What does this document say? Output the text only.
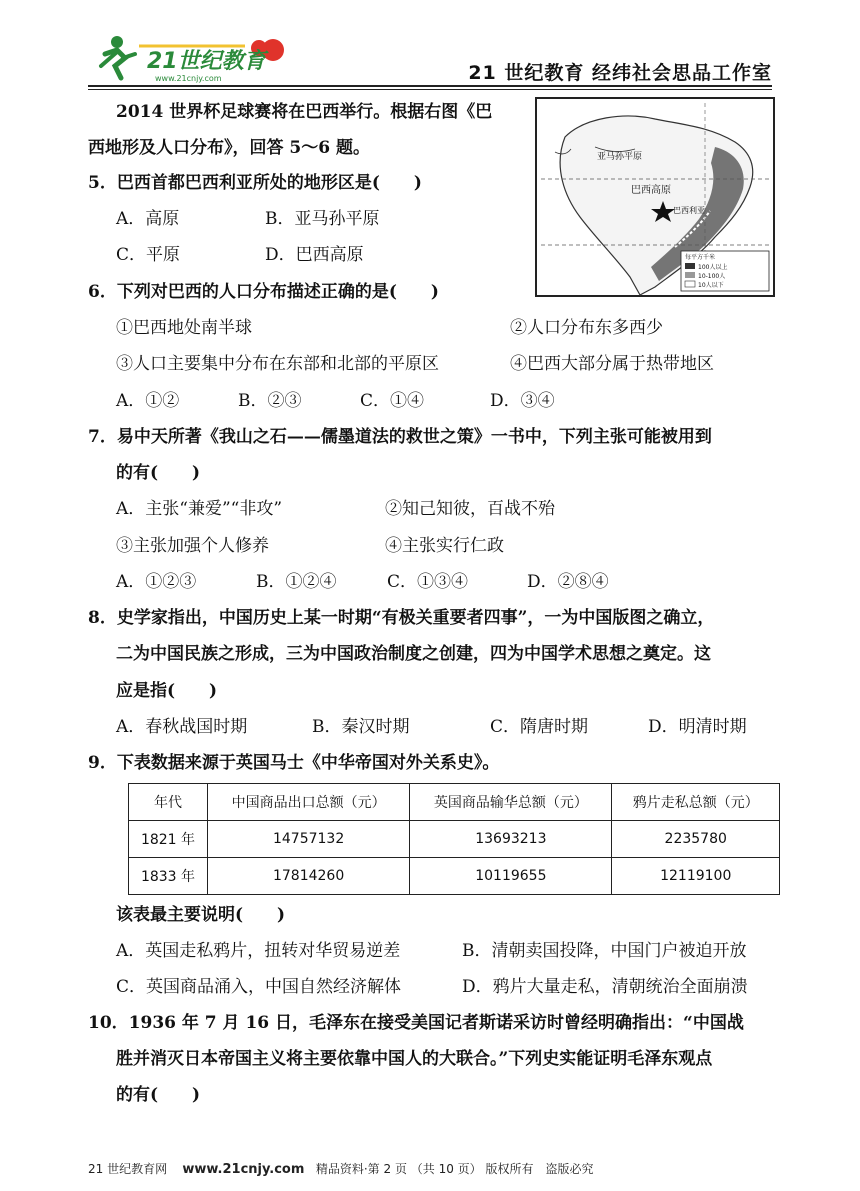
21世纪教育
www.21cnjy.com	21 世纪教育 经纬社会思品工作室
2014 世界杯足球赛将在巴西举行。根据右图《巴
西地形及人口分布》，回答 5～6 题。	亚马孙平原
巴西高原
巴西利亚
每平方千米
100人以上
10-100人
10人以下
5．巴西首都巴西利亚所处的地形区是(　　)
A．高原	B．亚马孙平原
C．平原	D．巴西高原
6．下列对巴西的人口分布描述正确的是(　　)
①巴西地处南半球	②人口分布东多西少
③人口主要集中分布在东部和北部的平原区	④巴西大部分属于热带地区
A．①②	B．②③	C．①④	D．③④
7．易中天所著《我山之石——儒墨道法的救世之策》一书中，下列主张可能被用到
的有(　　)
A．主张“兼爱”“非攻”	②知己知彼，百战不殆
③主张加强个人修养	④主张实行仁政
A．①②③	B．①②④	C．①③④	D．②⑧④
8．史学家指出，中国历史上某一时期“有极关重要者四事”，一为中国版图之确立，
二为中国民族之形成，三为中国政治制度之创建，四为中国学术思想之奠定。这
应是指(　　)
A．春秋战国时期	B．秦汉时期	C．隋唐时期	D．明清时期
9．下表数据来源于英国马士《中华帝国对外关系史》。
年代	中国商品出口总额（元）	英国商品输华总额（元）	鸦片走私总额（元）
1821 年	14757132	13693213	2235780
1833 年	17814260	10119655	12119100
该表最主要说明(　　)
A．英国走私鸦片，扭转对华贸易逆差	B．清朝卖国投降，中国门户被迫开放
C．英国商品涌入，中国自然经济解体	D．鸦片大量走私，清朝统治全面崩溃
10．1936 年 7 月 16 日，毛泽东在接受美国记者斯诺采访时曾经明确指出：“中国战
胜并消灭日本帝国主义将主要依靠中国人的大联合。”下列史实能证明毛泽东观点
的有(　　)
21 世纪教育网 www.21cnjy.com 精品资料·第 2 页 （共 10 页） 版权所有　盗版必究
